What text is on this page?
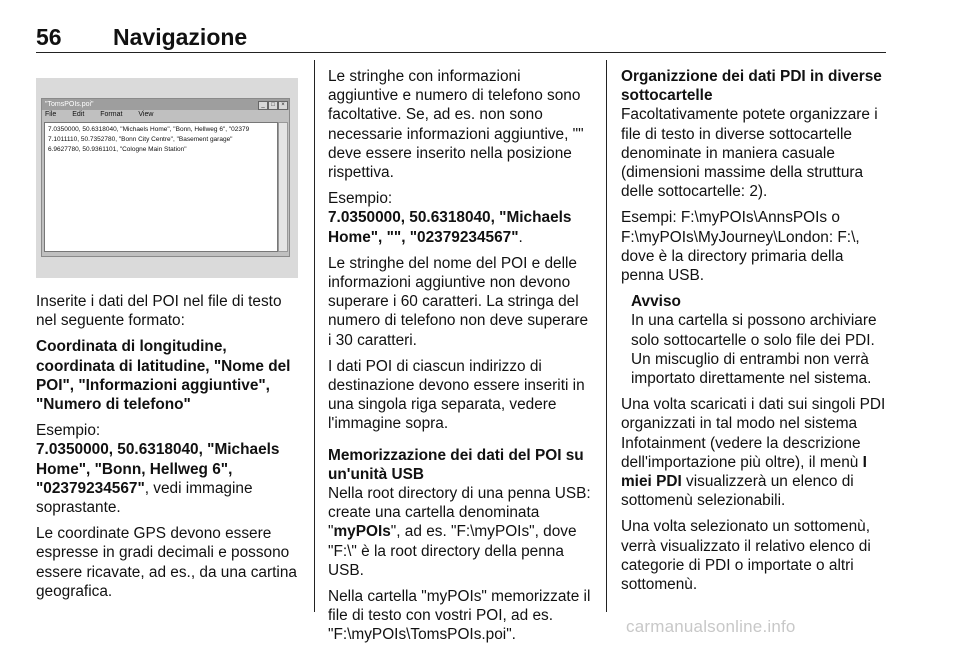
56 Navigazione
"TomsPOIs.poi"	_	□	×
File Edit Format View
7.0350000, 50.6318040, "Michaels Home", "Bonn, Hellweg 6", "02379
7.1011110, 50.7352780, "Bonn City Centre", "Basement garage"
6.9627780, 50.9361101, "Cologne Main Station"

Inserite i dati del POI nel file di testo nel seguente formato:

Coordinata di longitudine, coordinata di latitudine, "Nome del POI", "Informazioni aggiuntive", "Numero di telefono"

Esempio:
7.0350000, 50.6318040, "Michaels Home", "Bonn, Hellweg 6", "02379234567", vedi immagine soprastante.

Le coordinate GPS devono essere espresse in gradi decimali e possono essere ricavate, ad es., da una cartina geografica.

Le stringhe con informazioni aggiuntive e numero di telefono sono facoltative. Se, ad es. non sono necessarie informazioni aggiuntive, "" deve essere inserito nella posizione rispettiva.

Esempio:
7.0350000, 50.6318040, "Michaels Home", "", "02379234567".

Le stringhe del nome del POI e delle informazioni aggiuntive non devono superare i 60 caratteri. La stringa del numero di telefono non deve superare i 30 caratteri.

I dati POI di ciascun indirizzo di destinazione devono essere inseriti in una singola riga separata, vedere l'immagine sopra.

Memorizzazione dei dati del POI su un'unità USB

Nella root directory di una penna USB: create una cartella denominata "myPOIs", ad es. "F:\myPOIs", dove "F:\" è la root directory della penna USB.

Nella cartella "myPOIs" memorizzate il file di testo con vostri POI, ad es. "F:\myPOIs\TomsPOIs.poi".

Organizzione dei dati PDI in diverse sottocartelle

Facoltativamente potete organizzare i file di testo in diverse sottocartelle denominate in maniera casuale (dimensioni massime della struttura delle sottocartelle: 2).

Esempi: F:\myPOIs\AnnsPOIs o F:\myPOIs\MyJourney\London: F:\, dove è la directory primaria della penna USB.

Avviso
In una cartella si possono archiviare solo sottocartelle o solo file dei PDI. Un miscuglio di entrambi non verrà importato direttamente nel sistema.

Una volta scaricati i dati sui singoli PDI organizzati in tal modo nel sistema Infotainment (vedere la descrizione dell'importazione più oltre), il menù I miei PDI visualizzerà un elenco di sottomenù selezionabili.

Una volta selezionato un sottomenù, verrà visualizzato il relativo elenco di categorie di PDI o importate o altri sottomenù.

carmanualsonline.info
